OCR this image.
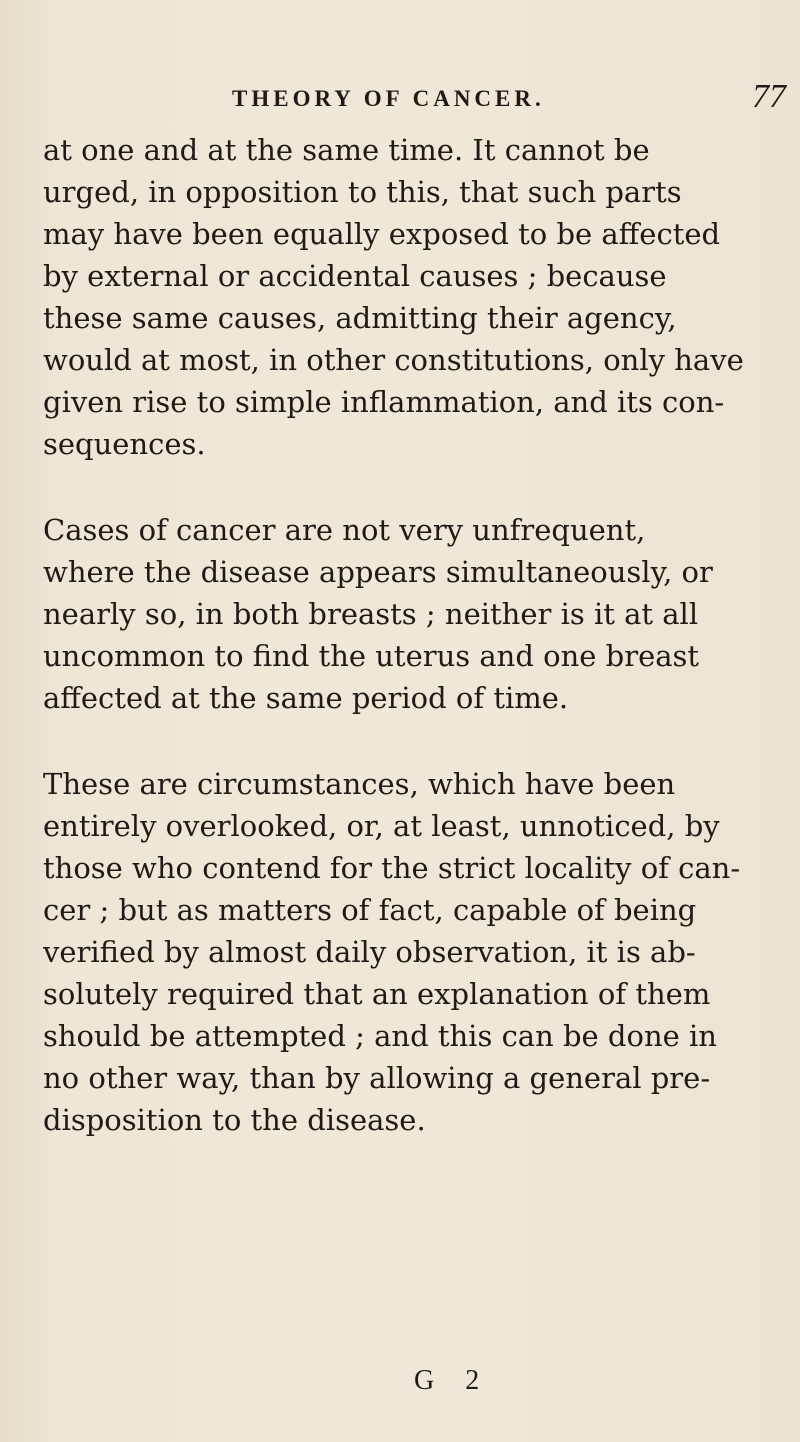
THEORY OF CANCER.	77
at one and at the same time. It cannot be
urged, in opposition to this, that such parts
may have been equally exposed to be affected
by external or accidental causes ; because
these same causes, admitting their agency,
would at most, in other constitutions, only have
given rise to simple inflammation, and its con-
sequences.
Cases of cancer are not very unfrequent,
where the disease appears simultaneously, or
nearly so, in both breasts ; neither is it at all
uncommon to find the uterus and one breast
affected at the same period of time.
These are circumstances, which have been
entirely overlooked, or, at least, unnoticed, by
those who contend for the strict locality of can-
cer ; but as matters of fact, capable of being
verified by almost daily observation, it is ab-
solutely required that an explanation of them
should be attempted ; and this can be done in
no other way, than by allowing a general pre-
disposition to the disease.
G 2
